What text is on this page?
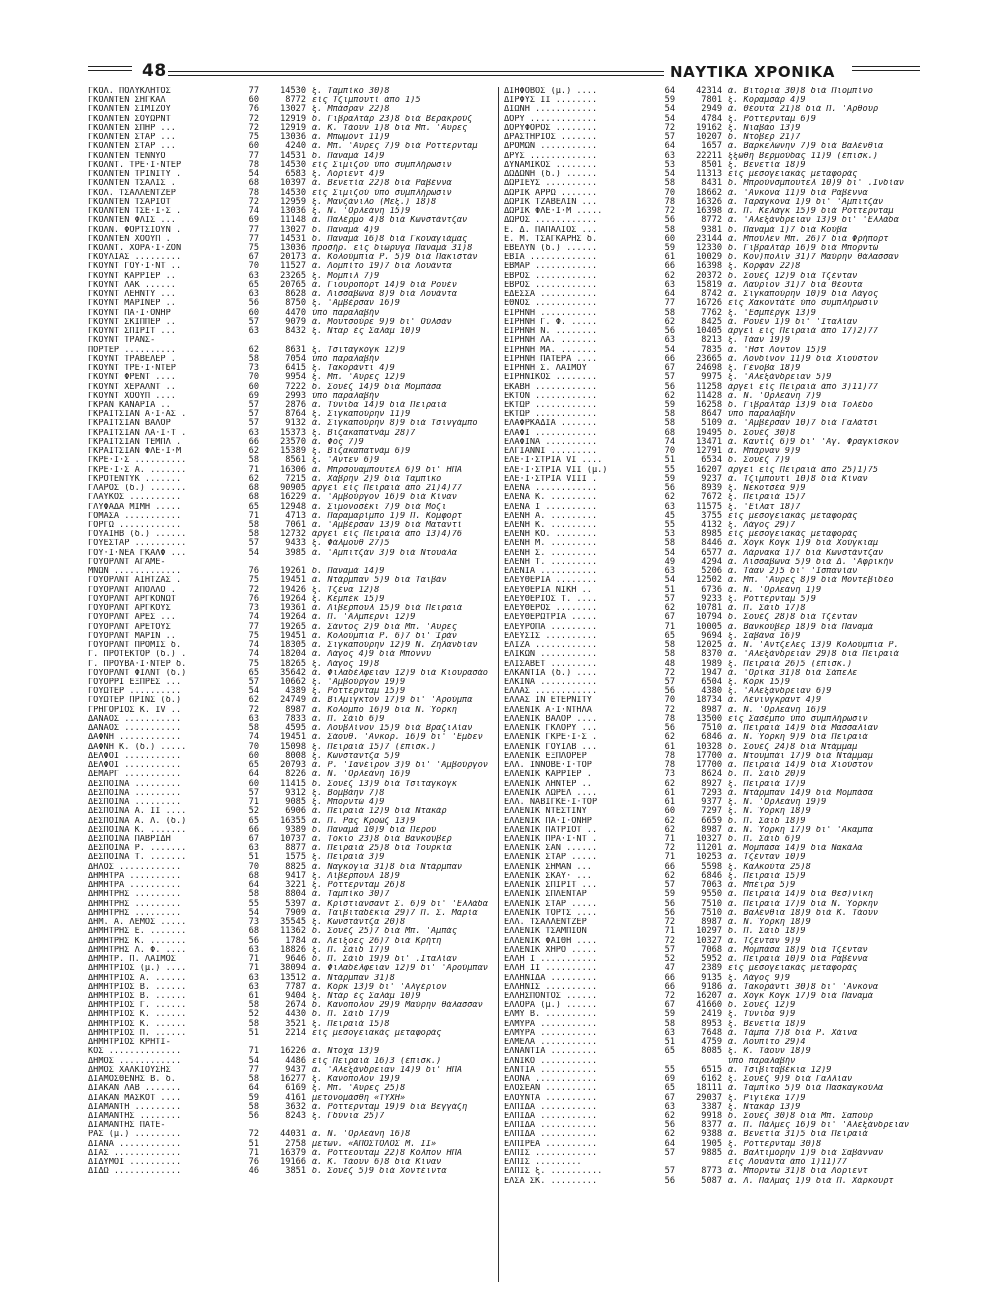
48	ΝΑΥΤΙΚΑ ΧΡΟΝΙΚΑ
ΓΚΟΛ. ΠΟΛΥΚΛΗΤΟΣ	77	14530 ξ. Ταμπίκο 30)8
ΓΚΟΛΝΤΕΝ ΣΗΓΚΑΛ	60	8772 είς Τζιμπουτί άπό 1)5
ΓΚΟΛΝΤΕΝ ΣΙΜΙΖΟΥ	76	13027 ξ. Μπάσραν 22)8
ΓΚΟΛΝΤΕΝ ΣΟΥΩΡΝΤ	72	12919 δ. Γιβραλτάρ 23)8 διά Βερακρούζ
ΓΚΟΛΝΤΕΝ ΣΠΗΡ ...	72	12919 ά. Κ. Τάουν 1)8 διά Μπ. 'Αϋρες
ΓΚΟΛΝΤΕΝ ΣΤΑΡ ...	75	13036 ά. Μπωμόντ 11)9
ΓΚΟΛΝΤΕΝ ΣΤΑΡ ...	60	4240 ά. Μπ. 'Αϋρες 7)9 διά Ρόττερνταμ
ΓΚΟΛΝΤΕΝ ΤΕΝΝΥΟ	77	14531 δ. Παναμά 14)9
ΓΚΟΛΝΤ. ΤΡΕ·Ι·ΝΤΕΡ	78	14530 είς Σιμιζού ύπό συμπλήρωσιν
ΓΚΟΛΝΤΕΝ ΤΡΙΝΙΤΥ .	54	6583 ξ. Λόριεντ 4)9
ΓΚΟΛΝΤΕΝ ΤΣΑΛΙΣ .	68	10397 ά. Βενετία 22)8 διά Ραβέννα
ΓΚΟΛ. ΤΣΑΛΛΕΝΤΖΕΡ	78	14530 είς Σιμιζού ύπό συμπλήρωσιν
ΓΚΟΛΝΤΕΝ ΤΣΑΡΙΟΤ	72	12959 ξ. Μανζάνιλο (Μεξ.) 18)8
ΓΚΟΛΝΤΕΝ ΤΣΕ·Ι·Σ .	74	13036 ξ. Ν. 'Ορλεάνη 15)9
ΓΚΟΛΝΤΕΝ ΦΛΙΣ ...	69	11148 ά. Παλέρμο 4)8 διά Κωνστάντζαν
ΓΚΟΛΝ. ΦΟΡΤΣΙΟΥΝ .	77	13027 δ. Παναμά 4)9
ΓΚΟΛΝΤΕΝ ΧΟΟΥΠ .	77	14531 δ. Παναμά 16)8 διά Γκουαγιάμας
ΓΚΟΛΝΤ. ΧΟΡΑ·Ι·ΖΟΝ	75	13036 προσήρ. είς διώρυγα Παναμά 31)8
ΓΚΟΥΛΙΑΣ .........	67	20173 ά. Κολούμπια Ρ. 5)9 διά Πακιστάν
ΓΚΟΥΝΤ ΓΟΥ·Ι·ΝΤ ..	70	11527 ά. Λομπίτο 19)7 διά Λουάντα
ΓΚΟΥΝΤ ΚΑΡΡΙΕΡ ..	63	23265 ξ. Μομπιλ 7)9
ΓΚΟΥΝΤ ΛΑΚ ......	65	20765 ά. Γιουροπόρτ 14)9 διά Ρουέν
ΓΚΟΥΝΤ ΛΕΗΝΤΥ ...	63	8628 ά. Λισσαβώνα 8)9 διά Λουάντα
ΓΚΟΥΝΤ ΜΑΡΙΝΕΡ ..	56	8750 ξ. 'Αμβέρσαν 16)9
ΓΚΟΥΝΤ ΠΑ·Ι·ΟΝΗΡ	60	4470 ύπό παραλαβήν
ΓΚΟΥΝΤ ΣΚΙΠΠΕΡ ..	57	9079 ά. Μουτσούρε 9)9 δι' Ούλσάν
ΓΚΟΥΝΤ ΣΠΙΡΙΤ ...	63	8432 ξ. Νταρ ές Σαλάμ 10)9
ΓΚΟΥΝΤ ΤΡΑΝΣ-
ΠΟΡΤΕΡ ..........	62	8631 ξ. Τσιταγκόγκ 12)9
ΓΚΟΥΝΤ ΤΡΑΒΕΛΕΡ .	58	7054 ύπό παραλαβήν
ΓΚΟΥΝΤ ΤΡΕ·Ι·ΝΤΕΡ	73	6415 ξ. Τακοράντι 4)9
ΓΚΟΥΝΤ ΦΡΕΝΤ ....	70	9954 ξ. Μπ. 'Αϋρες 12)9
ΓΚΟΥΝΤ ΧΕΡΑΛΝΤ ..	60	7222 δ. Σουέζ 14)9 διά Μομπάσα
ΓΚΟΥΝΤ ΧΟΟΥΠ ....	69	2993 ύπό παραλαβήν
ΓΚΡΑΝ ΚΑΝΑΡΙΑ ..	57	2876 ά. Τύνιδα 14)9 διά Πειραιά
ΓΚΡΑΙΤΣΙΑΝ Α·Ι·ΑΣ .	57	8764 ξ. Σιγκαπούρην 11)9
ΓΚΡΑΙΤΣΙΑΝ ΒΑΛΟΡ	57	9132 ά. Σιγκαπούρην 8)9 διά Τσινγάμπο
ΓΚΡΑΙΤΣΙΑΝ ΛΑ·Ι·Τ .	63	15373 ξ. Βιζακαπατνάμ 28)7
ΓΚΡΑΙΤΣΙΑΝ ΤΕΜΠΛ .	66	23570 ά. Φός 7)9
ΓΚΡΑΙΤΣΙΑΝ ΦΛΕ·Ι·Μ	62	15389 ξ. Βιζακαπατνάμ 6)9
ΓΚΡΕ·Ι·Σ ..........	58	8561 ξ. 'Αντεν 6)9
ΓΚΡΕ·Ι·Σ Α. .......	71	16306 ά. Μπρσουαμπουτελ 6)9 δι' ΗΠΑ
ΓΚΡΟΤΕΝΤΥΚ .......	62	7215 ά. Χάβρην 2)9 διά Ταμπίκο
ΓΛΑΡΟΣ (δ.) .......	68	90905 άργεί είς Πειραιά άπό 21)4)77
ΓΛΑΥΚΟΣ ..........	68	16229 ά. 'Αμβούργον 16)9 διά Κίναν
ΓΛΥΦΑΔΑ ΜΙΜΗ .....	65	12948 ά. Σιμονοσέκι 7)9 διά Μόζι
ΓΟΜΑΣΑ ...........	71	4713 ά. Παραμαρίμπο 1)9 Π. Κόμφορτ
ΓΟΡΓΩ ............	58	7061 ά. 'Αμβέρσαν 13)9 διά Ματαντί
ΓΟΥΑΙΗΒ (δ.) ......	58	12732 άργεί είς Πειραιά άπό 13)4)76
ΓΟΥΕΣΤΑΡ ..........	57	9433 ξ. Φάλμουθ 27)5
ΓΟΥ·Ι·ΝΕΑ ΓΚΑΛΦ ...	54	3985 ά. 'Αμπιτζάν 3)9 διά Ντουάλα
ΓΟΥΟΡΛΝΤ ΑΓΑΜΕ-
ΜΝΩΝ .............	76	19261 δ. Παναμά 14)9
ΓΟΥΟΡΛΝΤ ΑΙΗΤΖΑΣ .	75	19451 ά. Ντάρμπαν 5)9 διά Ταϊβάν
ΓΟΥΟΡΛΝΤ ΑΠΟΛΛΟ .	72	19426 ξ. Τζένα 12)8
ΓΟΥΟΡΛΝΤ ΑΡΓΚΟΝΩΤ	76	19264 ξ. Κεμπέκ 15)9
ΓΟΥΟΡΛΝΤ ΑΡΓΚΟΥΣ	73	19361 ά. Λίβερπουλ 15)9 διά Πειραιά
ΓΟΥΟΡΛΝΤ ΑΡΕΣ ...	74	19264 ά. Π. 'Αλμπερνι 12)9
ΓΟΥΟΡΛΝΤ ΑΡΕΤΟΥΣ	77	19265 ά. Σάντος 2)9 διά Μπ. 'Αϋρες
ΓΟΥΟΡΛΝΤ ΜΑΡΙΝ ..	75	19451 ά. Κολούμπια Ρ. 6)7 δι' Ίράν
ΓΟΥΟΡΛΝΤ ΠΡΟΜΙΣ δ.	74	18305 ά. Σιγκαπούρην 12)9 Ν. Ζηλανδίαν
Γ. ΠΡΟΤΕΚΤΟΡ (δ.) .	74	18204 ά. Λάγος 4)9 διά Μπόννυ
Γ. ΠΡΟΥΒΑ·Ι·ΝΤΕΡ δ.	75	18265 ξ. Λάγος 19)8
ΓΟΥΟΡΛΝΤ ΦΙΛΝΤ (δ.)	65	35642 ά. Φιλαδέλφειαν 12)9 διά Κιουρασάο
ΓΟΥΟΡΡΙ ΕΞΠΡΕΣ ...	57	10662 ξ. 'Αμβούργον 19)9
ΓΟΥΩΤΕΡ ..........	54	4389 ξ. Ρόττερνταμ 15)9
ΓΟΥΩΤΕΡ ΠΡΙΝΣ (δ.)	62	24749 ά. Βιλμιγκτον 17)9 δι' 'Αρούμπα
ΓΡΗΓΟΡΙΟΣ Κ. ΙV ..	72	8987 ά. Κολόμπο 16)9 διά Ν. Ύόρκη
ΔΑΝΑΟΣ ...........	63	7833 ά. Π. Σάϊδ 6)9
ΔΑΝΑΟΣ ...........	58	4595 ά. Λουβλίνον 15)9 διά Βραζιλίαν
ΔΑΦΝΗ ............	74	19451 ά. Σάουθ. 'Ανκορ. 16)9 δι' 'Εμδεν
ΔΑΦΝΗ Κ. (δ.) .....	70	15098 ξ. Πειραιά 15)7 (έπισκ.)
ΔΕΛΦΟΙ ...........	60	8008 ξ. Κωνσταντζα 5)9
ΔΕΛΦΟΙ ...........	65	20793 ά. Ρ. 'Ιανέϊρον 3)9 δι' 'Αμβούργον
ΔΕΜΑΡΓ ...........	64	8226 ά. Ν. 'Ορλεάνη 16)9
ΔΕΣΠΟΙΝΑ .........	60	11415 δ. Σουέζ 13)9 διά Τσιταγκόγκ
ΔΕΣΠΟΙΝΑ .........	57	9312 ξ. Βομβάην 7)8
ΔΕΣΠΟΙΝΑ .........	71	9085 ξ. Μπορντώ 4)9
ΔΕΣΠΟΙΝΑ Α. ΙΙ ....	52	6906 ά. Πειραιά 12)9 διά Ντακάρ
ΔΕΣΠΟΙΝΑ Α. Λ. (δ.)	65	16355 ά. Π. Ρας Κροώζ 13)9
ΔΕΣΠΟΙΝΑ Κ. .......	66	9389 δ. Παναμά 10)9 διά Περού
ΔΕΣΠΟΙΝΑ ΠΑΒΡΙΔΗ	67	10737 ά. Τόκιο 23)8 διά Βανκοῦβερ
ΔΕΣΠΟΙΝΑ Ρ. .......	63	8877 ά. Πειραιά 25)8 διά Τουρκία
ΔΕΣΠΟΙΝΑ Τ. .......	51	1575 ξ. Πειραιά 3)9
ΔΗΛΟΣ ............	70	8825 ά. Ναγκόγια 31)8 διά Ντάρμπαν
ΔΗΜΗΤΡΑ ..........	68	9417 ξ. Λίβερπουλ 18)9
ΔΗΜΗΤΡΑ ..........	64	3221 ξ. Ρόττερνταμ 26)8
ΔΗΜΗΤΡΗΣ .........	58	8804 ά. Ταμπίκο 30)7
ΔΗΜΗΤΡΗΣ .........	55	5397 ά. Κρίστιανσαντ Σ. 6)9 δι' 'Ελλάδα
ΔΗΜΗΤΡΗΣ .........	54	7909 ά. Ταϊβιταδέκια 29)7 Π. Σ. Μαρία
ΔΗΜ. Α. ΛΕΜΟΣ .....	73	35545 ξ. Κωνστάντζα 20)8
ΔΗΜΗΤΡΗΣ Ε. .......	68	11362 δ. Σουέζ 25)7 διά Μπ. 'Αμπάς
ΔΗΜΗΤΡΗΣ Κ. .......	56	1784 ά. Λεϊξοες 26)7 διά Κρήτη
ΔΗΜΗΤΡΗΣ Λ. Φ. ....	63	18826 ξ. Π. Σάϊδ 17)9
ΔΗΜΗΤΡ. Π. ΛΑΙΜΟΣ	71	9646 δ. Π. Σάϊδ 19)9 δι' .Ιταλίαν
ΔΗΜΗΤΡΙΟΣ (μ.) ....	71	38094 ά. Φιλαδέλφειαν 12)9 δι' 'Αρούμπαν
ΔΗΜΗΤΡΙΟΣ Α. ......	63	13512 ά. Ντάρμπαν 31)8
ΔΗΜΗΤΡΙΟΣ Β. ......	63	7787 ά. Κόρκ 13)9 δι' 'Αλγέριον
ΔΗΜΗΤΡΙΟΣ Β. ......	61	9404 ξ. Ντάρ ές Σαλάμ 10)9
ΔΗΜΗΤΡΙΟΣ Γ. ......	58	2674 δ. Κανόπολον 29)9 Μαύρην θάλασσαν
ΔΗΜΗΤΡΙΟΣ Κ. ......	52	4430 δ. Π. Σάϊδ 17)9
ΔΗΜΗΤΡΙΟΣ Κ. ......	58	3521 ξ. Πειραιά 15)8
ΔΗΜΗΤΡΙΟΣ Π. ......	51	2214 είς μεσογειακάς μεταφοράς
ΔΗΜΗΤΡΙΟΣ ΚΡΗΤΙ-
ΚΟΣ ..............	71	16226 ά. Ντόχα 13)9
ΔΗΜΟΣ ............	54	4486 είς Πειραιά 16)3 (έπισκ.)
ΔΗΜΟΣ ΧΑΛΚΙΟΥΣΗΣ	77	9437 ά. 'Αλεξάνδρειαν 14)9 δι' ΗΠΑ
ΔΙΑΜΟΣΘΕΝΗΣ Β. δ.	58	16277 ξ. Κανόπολον 19)9
ΔΙΑΚΑΝ ΛΑΒ .......	64	6169 ξ. Μπ. 'Αϋρες 25)8
ΔΙΑΚΑΝ ΜΑΣΚΟΤ ....	59	4161 μετονομάσθη «ΤΥΧΗ»
ΔΙΑΜΑΝΤΗ .........	58	3632 ά. Ρόττερνταμ 19)9 διά Βεγγάζη
ΔΙΑΜΑΝΤΗΣ ........	56	8243 ξ. Γδύνια 25)7
ΔΙΑΜΑΝΤΗΣ ΠΑΤΕ-
ΡΑΣ (μ.) .........	72	44031 ά. Ν. 'Ορλεάνη 16)8
ΔΙΑΝΑ ............	51	2758 μετων. «ΑΠΟΣΤΟΛΟΣ Μ. ΙΙ»
ΔΙΑΣ .............	71	16379 ά. Ρόττεουταμ 22)8 Κόλπον ΗΠΑ
ΔΙΔΥΜΟΙ ..........	76	19166 ά. Κ. Τάουν 6)8 διά Κίναν
ΔΙΔΩ .............	46	3851 δ. Σουέζ 5)9 διά Χοντέϊντα
ΔΙΗΦΟΒΟΣ (μ.) ....	64	42314 ά. Βιτόρια 30)8 διά Πιομπίνο
ΔΙΡΦΥΣ ΙΙ ........	59	7801 ξ. Κοραμσάρ 4)9
ΔΙΩΝΗ ............	54	2949 ά. Θέουτα 21)8 διά Π. 'Αρθουρ
ΔΟΡΥ .............	54	4784 ξ. Ρόττερνταμ 6)9
ΔΟΡΥΦΟΡΟΣ ........	72	19162 ξ. Νιαβάο 13)9
ΔΡΑΣΤΗΡΙΟΣ .......	57	10207 δ. Ντόβερ 21)7
ΔΡΟΜΩΝ ...........	64	1657 ά. Βαρκελώνην 7)9 διά Βαλένθια
ΔΡΥΣ .............	63	22211 ξξώθη Βερμούδας 11)9 (έπισκ.)
ΔΥΝΑΜΙΚΟΣ ........	53	8501 ξ. Βενετία 18)9
ΔΩΔΩΝΗ (δ.) ......	54	11313 είς μεσογειακάς μεταφοράς
ΔΩΡΙΕΥΣ ..........	58	8431 δ. Μπρούνσμπουτελ 10)9 δι' .Ινδίαν
ΔΩΡΙΚ ΑΡΡΩ .......	70	18662 ά. 'Ανκόνα 11)9 διά Ραβέννα
ΔΩΡΙΚ ΤΖΑΒΕΛΙΝ ...	78	16326 ά. Ταραγκόνα 1)9 δι' 'Αμπιτζάν
ΔΩΡΙΚ ΦΛΕ·Ι·Μ .....	72	16398 ά. Π. Κελάγκ 15)9 διά Ρόττερνταμ
ΔΩΡΟΣ ............	56	8772 ά. 'Αλεξάνδρειαν 13)9 δι' 'Ελλάδα
Ε. Δ. ΠΑΠΑΛΙΟΣ ...	58	9381 δ. Παναμά 1)7 διά Κούβα
Ε. Μ. ΤΣΑΓΚΑΡΗΣ δ.	60	23144 ά. Μπούλεν Μπ. 26)7 διά Φρήπορτ
ΕΒΕΛΥΝ (δ.) ......	59	12330 δ. Γιβραλτάρ 16)9 διά Μπορντώ
ΕΒΙΑ .............	61	10029 δ. Κον)πολιν 31)7 Μαύρην θάλασσαν
ΕΒΜΑΡ ............	66	16398 ξ. Κορφάν 22)8
ΕΒΡΟΣ ............	62	20372 δ. Σουέζ 12)9 διά Τζένταν
ΕΒΡΟΣ ............	63	15819 ά. Λαύριον 31)7 διά Θέουτα
ΕΔΕΣΣΑ ...........	64	8742 ά. Σιγκαπούρην 10)9 διά Λάγος
ΕΘΝΟΣ ............	77	16726 είς Χακοντάτε ύπό συμπλήρωσιν
ΕΙΡΗΝΗ ...........	58	7762 ξ. 'Εσμπέργκ 13)9
ΕΙΡΗΝΗ Γ. Φ. .....	62	8425 ά. Ρουέν 1)9 δι' 'Ιταλίαν
ΕΙΡΗΝΗ Ν. ........	56	10405 άργεί είς Πειραιά άπό 17)2)77
ΕΙΡΗΝΗ ΛΑ. .......	63	8213 ξ. Τάαν 19)9
ΕΙΡΗΝΗ ΜΑ. .......	54	7835 ά. 'Ηστ Λόντον 15)9
ΕΙΡΗΝΗ ΠΑΤΕΡΑ ....	66	23665 ά. Λονδίνον 11)9 διά Χιούστον
ΕΙΡΗΝΗ Σ. ΛΑΙΜΟΥ	67	24698 ξ. Γένοβα 18)9
ΕΙΡΗΝΙΚΟΣ ........	57	9975 ξ. 'Αλεξάνδρειαν 5)9
ΕΚΑΒΗ ............	56	11258 άργεί είς Πειραιά άπό 3)11)77
ΕΚΤΟΝ ............	62	11428 ά. Ν. 'Ορλεάνη 7)9
ΕΚΤΩΡ ............	59	16258 δ. Γιβραλτάρ 13)9 διά Τολέδο
ΕΚΤΩΡ ............	58	8647 ύπό παραλαβήν
ΕΛΑΦΡΚΑΔΙΑ .......	58	5109 ά. 'Αμβέρσαν 10)7 διά Γαλάτσι
ΕΛΑΦΙ ............	68	19495 δ. Σουέζ 30)8
ΕΛΑΦΙΝΑ ..........	74	13471 ά. Καντίζ 6)9 δι' 'Αγ. Φραγκίσκον
ΕΛΓΙΑΝΝΙ .........	70	12791 ά. Μπάρναν 9)9
ΕΛΕ·Ι·ΣΤΡΙΑ VI ....	51	6534 δ. Σουέζ 7)9
ΕΛΕ·Ι·ΣΤΡΙΑ VII (μ.)	55	16207 άργεί είς Πειραιά άπό 25)1)75
ΕΛΕ·Ι·ΣΤΡΙΑ VIII .	59	9237 ά. Τζιμπουτί 10)8 διά Κίναν
ΕΛΕΝΑ ............	56	8939 ξ. Νεκοτσέα 9)9
ΕΛΕΝΑ Κ. .........	62	7672 ξ. Πειραιά 15)7
ΕΛΕΝΑ Ι ..........	63	11575 ξ. 'Είλατ 18)7
ΕΛΕΝΗ Α. .........	45	3755 είς μεσογειακάς μεταφοράς
ΕΛΕΝΗ Κ. .........	55	4132 ξ. Λάγος 29)7
ΕΛΕΝΗ ΚΟ. ........	53	8985 είς μεσογειακάς μεταφοράς
ΕΛΕΝΗ Μ. .........	58	8446 ά. Χόγκ Κόγκ 1)9 διά Χούγκιαμ
ΕΛΕΝΗ Σ. .........	54	6577 ά. Λάρνακα 1)7 διά Κωνστάντζαν
ΕΛΕΝΗ Τ. .........	49	4294 ά. Λισσαβώνα 5)9 διά Δ. 'Αφρικήν
ΕΛΕΝΙΑ ...........	63	5206 ά. Τάαν 2)5 δι' 'Ισπανίαν
ΕΛΕΥΘΕΡΙΑ ........	54	12502 ά. Μπ. 'Αϋρες 8)9 διά Μοντεβιδέο
ΕΛΕΥΘΕΡΙΑ ΝΙΚΗ ..	51	6736 ά. Ν. 'Ορλεάνη 1)9
ΕΛΕΥΘΕΡΙΟΣ Τ. ....	57	9233 ξ. Ρόττερνταμ 5)9
ΕΛΕΥΘΕΡΟΣ ........	62	10781 ά. Π. Σάϊδ 17)8
ΕΛΕΥΘΕΡΩΤΡΙΑ .....	67	10794 δ. Σουέζ 28)8 διά Τζένταν
ΕΛΕΥΡΟΠΑ .........	71	10005 ά. Βανκούβερ 18)9 διά Παναμά
ΕΛΕΥΣΙΣ ..........	65	9694 ξ. Σαβάνα 16)9
ΕΛΙΖΑ ............	58	12025 ά. Ν. 'Αντζελες 13)9 Κολούμπια Ρ.
ΕΛΙΚΩΝ ...........	58	8370 ά. 'Αλεξάνδρειαν 29)8 διά Πειραιά
ΕΛΙΣΑΒΕΤ .........	48	1989 ξ. Πειραιά 26)5 (έπισκ.)
ΕΛΚΑΝΤΙΑ (δ.) ....	72	1947 ά. 'Ορίκα 31)8 διά Σάπελε
ΕΛΚΙΝΑ ...........	57	6504 ξ. Κόρκ 15)9
ΕΛΛΑΣ ............	56	4380 ξ. 'Αλεξάνδρειαν 6)9
ΕΛΛΑΣ ΙΝ ΕΤΕΡΝΙΤΥ	70	18734 ά. Λένινγκραντ 4)9
ΕΛΛΕΝΙΚ Α·Ι·ΝΤΗΛΑ	72	8987 ά. Ν. 'Ορλεάνη 16)9
ΕΛΛΕΝΙΚ ΒΑΛΟΡ ....	78	13500 είς Σασέμπο ύπό συμπλήρωσιν
ΕΛΛΕΝΙΚ ΓΚΛΟΡΥ ...	56	7510 ά. Πειραιά 14)9 διά Μασσαλίαν
ΕΛΛΕΝΙΚ ΓΚΡΕ·Ι·Σ .	62	6846 ά. Ν. Ύόρκη 9)9 διά Πειραιά
ΕΛΛΕΝΙΚ ΓΟΥΙΛΒ ...	61	10328 δ. Σουέζ 24)8 διά Ντάμμαμ
ΕΛΛΕΝΙΚ ΕΞΠΛΟΡΕΡ	78	17700 ά. Ντουμπάϊ 17)9 διά Ντάμμαμ
ΕΛΛ. ΙΝΝΟΒΕ·Ι·ΤΟΡ	78	17700 ά. Πειραιά 14)9 διά Χιούστον
ΕΛΛΕΝΙΚ ΚΑΡΡΙΕΡ .	73	8624 δ. Π. Σάϊδ 20)9
ΕΛΛΕΝΙΚ ΛΗΝΤΕΡ ..	62	8927 ξ. Πειραιά 17)9
ΕΛΛΕΝΙΚ ΛΩΡΕΛ ....	61	7293 ά. Ντάρμπαν 14)9 διά Μομπάσα
ΕΛΛ. ΝΑΒΙΓΚΕ·Ι·ΤΟΡ	61	9377 ξ. Ν. 'Ορλεάνη 19)9
ΕΛΛΕΝΙΚ ΝΤΕΣΤΙΝΥ	60	7297 ξ. Ν. Ύόρκη 18)9
ΕΛΛΕΝΙΚ ΠΑ·Ι·ΟΝΗΡ	62	6659 δ. Π. Σάϊδ 18)9
ΕΛΛΕΝΙΚ ΠΑΤΡΙΟΤ ..	62	8987 ά. Ν. Ύόρκη 17)9 δι' 'Ακαμπα
ΕΛΛΕΝΙΚ ΠΡΑ·Ι·ΝΤ .	71	10327 δ. Π. Σάϊδ 6)9
ΕΛΛΕΝΙΚ ΣΑΝ ......	72	11201 ά. Μομπάσα 14)9 διά Νακάλα
ΕΛΛΕΝΙΚ ΣΤΑΡ .....	71	10253 ά. Τζένταν 10)9
ΕΛΛΕΝΙΚ ΣΗΜΑΝ ...	66	5598 ξ. Καλκούτα 25)8
ΕΛΛΕΝΙΚ ΣΚΑΫ· ...	62	6846 ξ. Πειραιά 15)9
ΕΛΛΕΝΙΚ ΣΠΙΡΙΤ ...	57	7063 ά. Μπέϊρα 5)9
ΕΛΛΕΝΙΚ ΣΠΛΕΝΤΑΡ	59	9550 ά. Πειραιά 14)9 διά Θεσ)νίκη
ΕΛΛΕΝΙΚ ΣΤΑΡ .....	56	7510 ά. Πειραιά 17)9 διά Ν. Ύόρκην
ΕΛΛΕΝΙΚ ΤΟΡΤΣ ....	56	7510 ά. Βαλένθια 18)9 διά Κ. Τάουν
ΕΛΛ. ΤΣΑΛΛΕΝΤΖΕΡ	72	8987 ά. Ν. Ύόρκη 18)9
ΕΛΛΕΝΙΚ ΤΣΑΜΠΙΟΝ	71	10297 δ. Π. Σάϊδ 18)9
ΕΛΛΕΝΙΚ ΦΑΙΘΗ ....	72	10327 ά. Τζένταν 9)9
ΕΛΛΕΝΙΚ ΧΗΡΟ .....	57	7068 ά. Μομπάσα 18)9 διά Τζένταν
ΕΛΛΗ Ι ...........	52	5952 ά. Πειραιά 10)9 διά Ραβέννα
ΕΛΛΗ ΙΙ ..........	47	2389 είς μεσογειακάς μεταφοράς
ΕΛΛΗΝΙΔΑ .........	66	9135 ξ. Λάγος 9)9
ΕΛΛΗΝΙΣ ..........	66	9186 ά. Τακοράντι 30)8 δι' 'Ανκόνα
ΕΛΛΗΣΠΟΝΤΟΣ ......	72	16207 ά. Χόγκ Κόγκ 17)9 διά Παναμά
ΕΛΛΟΡΑ (μ.) ......	67	41660 δ. Σουέζ 12)9
ΕΛΜΥ Β. ..........	59	2419 ξ. Τύνιδα 9)9
ΕΛΜΥΡΑ ...........	58	8953 ξ. Βενετία 18)9
ΕΛΜΥΡΑ ...........	63	7648 ά. Τάμπα 7)8 διά Ρ. Χάϊνα
ΕΛΜΕΛΑ ...........	51	4759 ά. Λουπίτο 29)4
ΕΛΝΑΝΤΙΑ .........	65	8085 ξ. Κ. Τάουν 18)9
ΕΛΝΙΚΟ ...........	ύπό παραλαβήν
ΕΛΝΤΙΑ ...........	55	6515 ά. Τσιβιταβέκια 12)9
ΕΛΟΝΑ ............	69	6162 ξ. Σουέζ 9)9 διά Γαλλίαν
ΕΛΟΣΕΑΝ ..........	65	18111 ά. Ταμπίκο 5)9 διά Πασκαγκούλα
ΕΛΟΥΝΤΑ ..........	67	29037 ξ. Ριγιέκα 17)9
ΕΛΠΙΔΑ ...........	63	3387 ξ. Ντακάρ 13)9
ΕΛΠΙΔΑ ...........	62	9918 δ. Σουέζ 30)8 διά Μπ. Σαπούρ
ΕΛΠΙΔΑ ...........	56	8377 ά. Π. Πάλμες 16)9 δι' 'Αλεξάνδρειαν
ΕΛΠΙΔΑ ...........	62	9388 ά. Βενετία 31)5 διά Πειραιά
ΕΛΠΙΡΕΑ ..........	64	1905 ξ. Ρόττερνταμ 30)8
ΕΛΠΙΣ ............	57	9885 ά. Βαλτιμόρην 1)9 διά Σαβάνναν
ΕΛΠΙΣ .........	είς Λουάντα άπό 1)11)77
ΕΛΠΙΣ ξ. ..........	57	8773 ά. Μπορντώ 31)8 διά Λόριεντ
ΕΛΣΑ ΣΚ. .........	56	5087 ά. Λ. Πάλμας 1)9 διά Π. Χάρκουρτ
